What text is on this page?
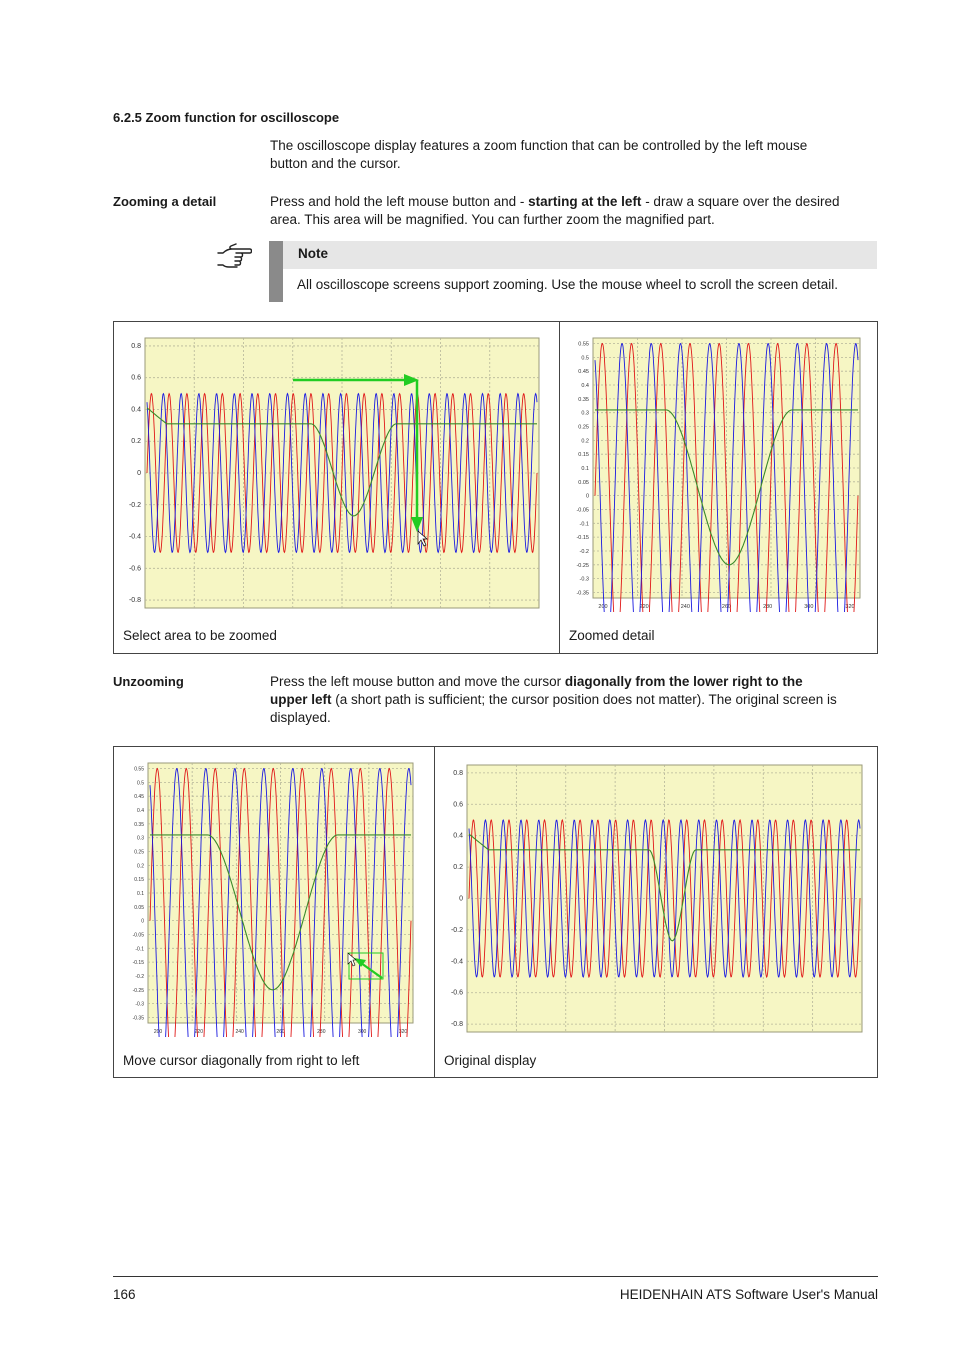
6.2.5 Zoom function for oscilloscope
The oscilloscope display features a zoom function that can be controlled by the left mouse
button and the cursor.
Zooming a detail	Press and hold the left mouse button and - starting at the left - draw a square over the desired
area. This area will be magnified. You can further zoom the magnified part.
Note
All oscilloscope screens support zooming. Use the mouse wheel to scroll the screen detail.
0.8
0.6
0.4
0.2
0
-0.2
-0.4
-0.6
-0.8
0.55
0.5
0.45
0.4
0.35
0.3
0.25
0.2
0.15
0.1
0.05
0
-0.05
-0.1
-0.15
-0.2
-0.25
-0.3
-0.35
200	220	240	260	280	300	320
Select area to be zoomed	Zoomed detail
Unzooming	Press the left mouse button and move the cursor diagonally from the lower right to the
upper left (a short path is sufficient; the cursor position does not matter). The original screen is
displayed.
0.55
0.5
0.45
0.4
0.35
0.3
0.25
0.2
0.15
0.1
0.05
0
-0.05
-0.1
-0.15
-0.2
-0.25
-0.3
-0.35
200	220	240	260	280	300	320
0.8
0.6
0.4
0.2
0
-0.2
-0.4
-0.6
-0.8
Move cursor diagonally from right to left	Original display
166	HEIDENHAIN ATS Software User's Manual
